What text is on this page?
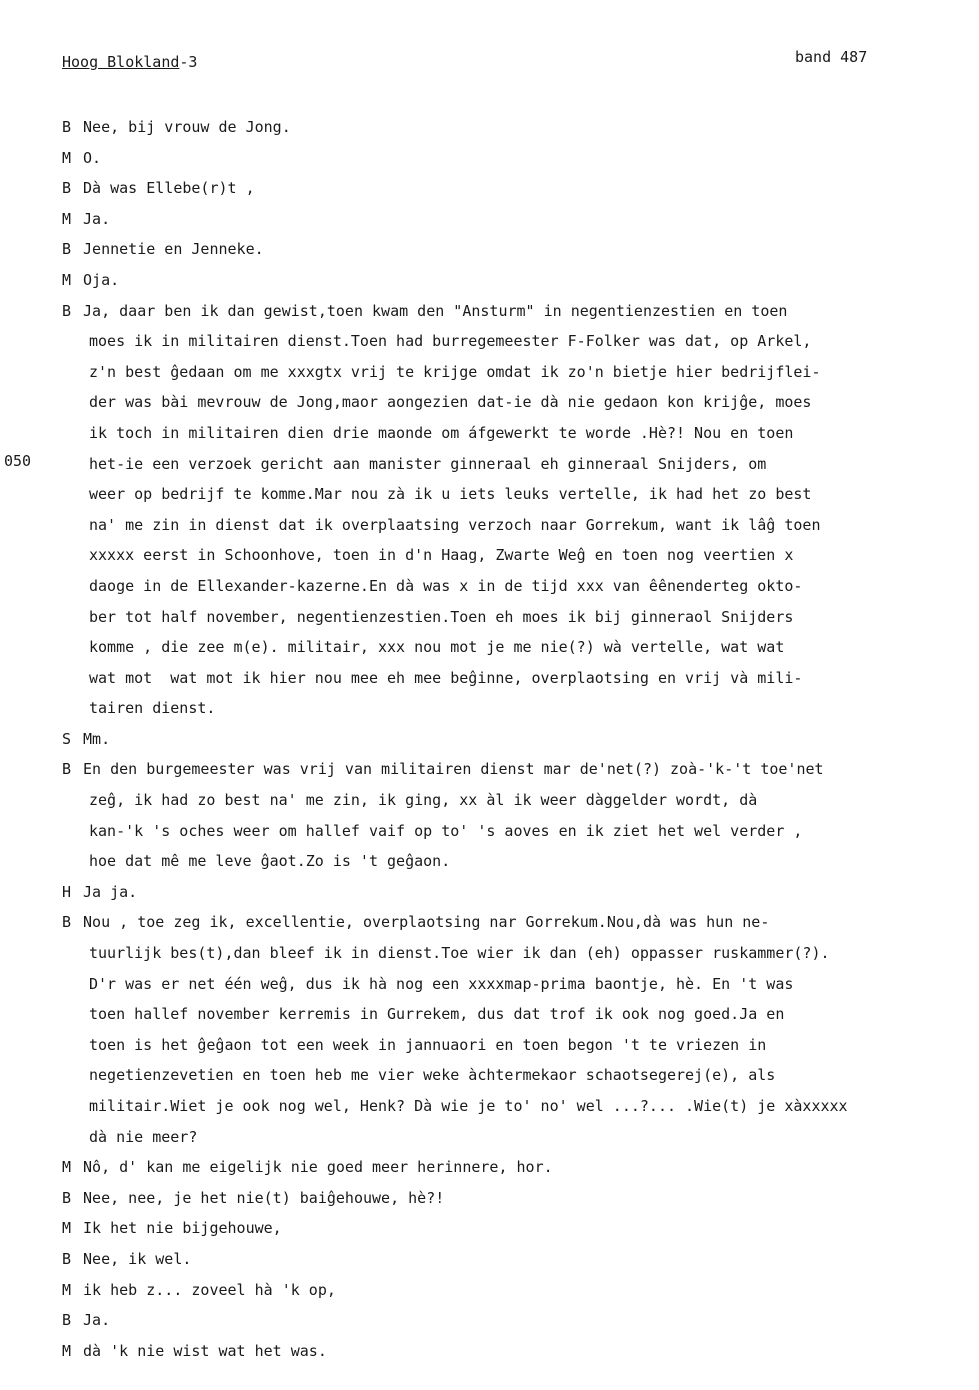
Hoog Blokland-3	band 487
050
B Nee, bij vrouw de Jong.
M O.
B Dà was Ellebe(r)t ,
M Ja.
B Jennetie en Jenneke.
M Oja.
B Ja, daar ben ik dan gewist,toen kwam den "Ansturm" in negentienzestien en toen
moes ik in militairen dienst.Toen had burregemeester F-Folker was dat, op Arkel,
z'n best ĝedaan om me xxxgtx vrij te krijge omdat ik zo'n bietje hier bedrijflei-
der was bài mevrouw de Jong,maor aongezien dat-ie dà nie gedaon kon krijĝe, moes
ik toch in militairen dien drie maonde om áfgewerkt te worde .Hè?! Nou en toen
het-ie een verzoek gericht aan manister ginneraal eh ginneraal Snijders, om
weer op bedrijf te komme.Mar nou zà ik u iets leuks vertelle, ik had het zo best
na' me zin in dienst dat ik overplaatsing verzoch naar Gorrekum, want ik lâĝ toen
xxxxx eerst in Schoonhove, toen in d'n Haag, Zwarte Weĝ en toen nog veertien x
daoge in de Ellexander-kazerne.En dà was x in de tijd xxx van êênenderteg okto-
ber tot half november, negentienzestien.Toen eh moes ik bij ginneraol Snijders
komme , die zee m(e). militair, xxx nou mot je me nie(?) wà vertelle, wat wat
wat mot  wat mot ik hier nou mee eh mee beĝinne, overplaotsing en vrij và mili-
tairen dienst.
S Mm.
B En den burgemeester was vrij van militairen dienst mar de'net(?) zoà-'k-'t toe'net
zeĝ, ik had zo best na' me zin, ik ging, xx àl ik weer dàggelder wordt, dà
kan-'k 's oches weer om hallef vaif op to' 's aoves en ik ziet het wel verder ,
hoe dat mê me leve ĝaot.Zo is 't geĝaon.
H Ja ja.
B Nou , toe zeg ik, excellentie, overplaotsing nar Gorrekum.Nou,dà was hun ne-
tuurlijk bes(t),dan bleef ik in dienst.Toe wier ik dan (eh) oppasser ruskammer(?).
D'r was er net één weĝ, dus ik hà nog een xxxxmap-prima baontje, hè. En 't was
toen hallef november kerremis in Gurrekem, dus dat trof ik ook nog goed.Ja en
toen is het ĝeĝaon tot een week in jannuaori en toen begon 't te vriezen in
negetienzevetien en toen heb me vier weke àchtermekaor schaotsegerej(e), als
militair.Wiet je ook nog wel, Henk? Dà wie je to' no' wel ...?... .Wie(t) je xàxxxxx
dà nie meer?
M Nô, d' kan me eigelijk nie goed meer herinnere, hor.
B Nee, nee, je het nie(t) baiĝehouwe, hè?!
M Ik het nie bijgehouwe,
B Nee, ik wel.
M ik heb z... zoveel hà 'k op,
B Ja.
M dà 'k nie wist wat het was.
